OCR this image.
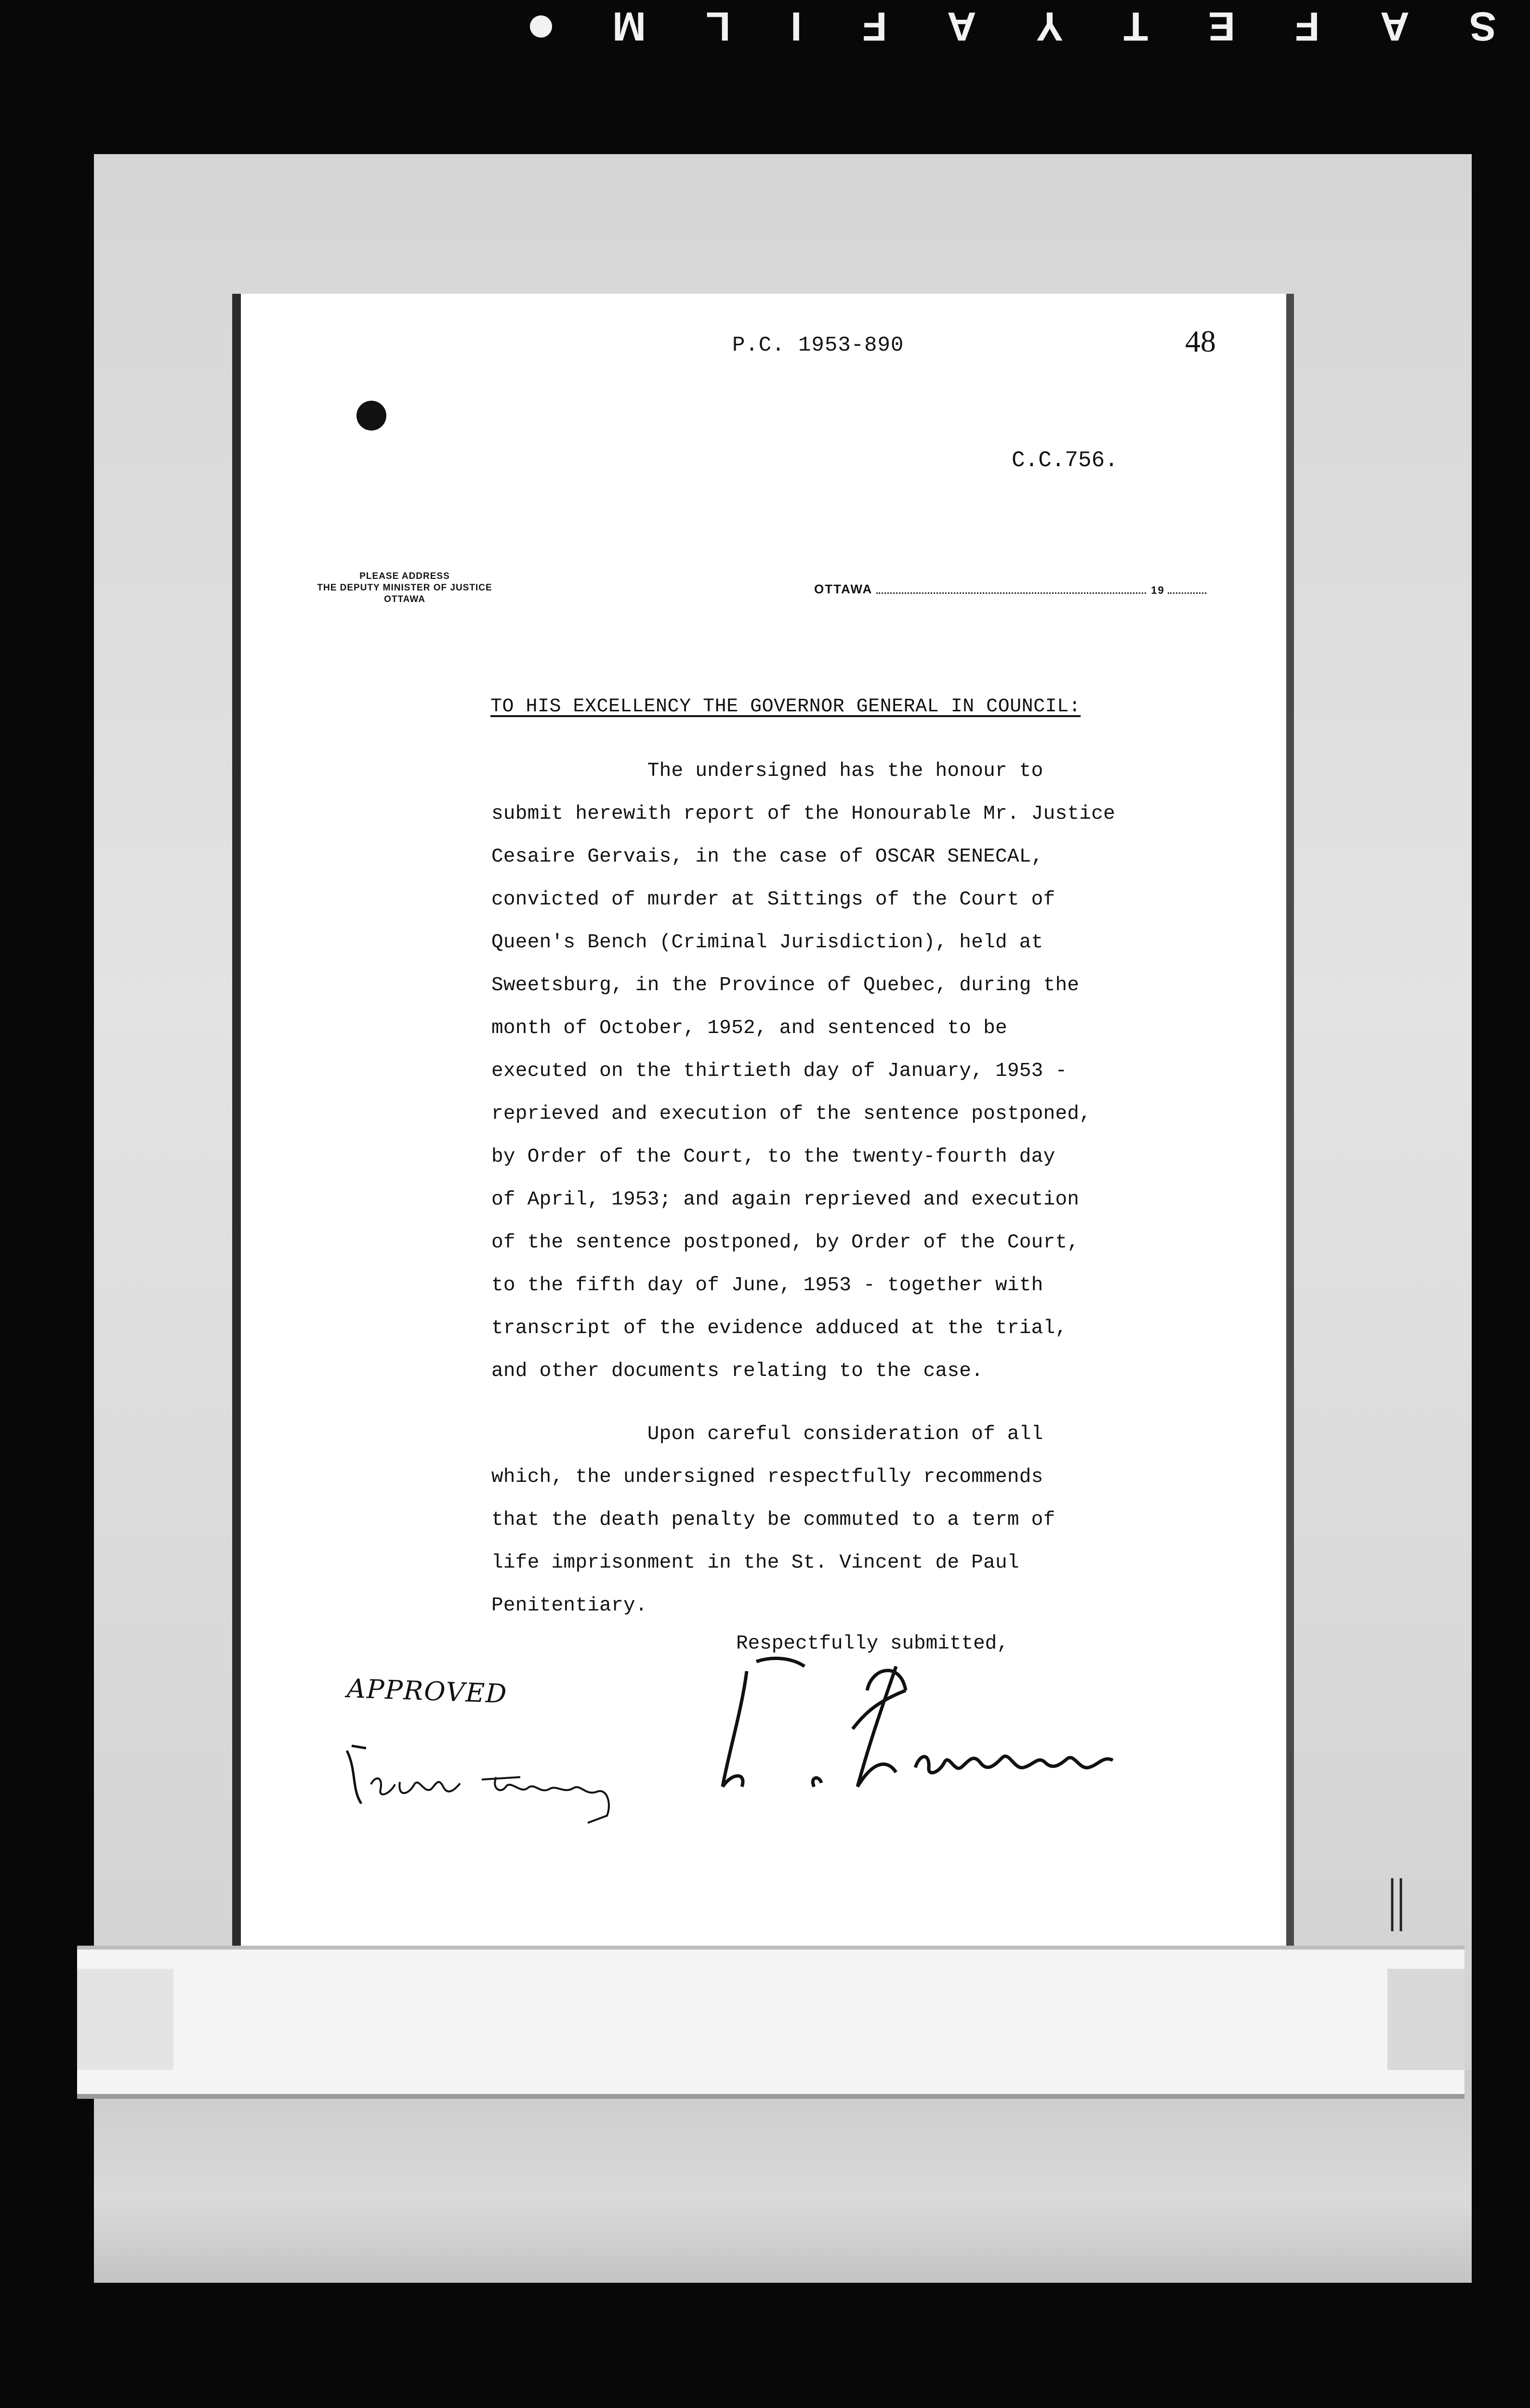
M L I F A Y T E F A S
P.C. 1953-890	48
C.C.756.
PLEASE ADDRESS
THE DEPUTY MINISTER OF JUSTICE
OTTAWA
OTTAWA	19
TO HIS EXCELLENCY THE GOVERNOR GENERAL IN COUNCIL:
The undersigned has the honour to
submit herewith report of the Honourable Mr. Justice
Cesaire Gervais, in the case of OSCAR SENECAL,
convicted of murder at Sittings of the Court of
Queen's Bench (Criminal Jurisdiction), held at
Sweetsburg, in the Province of Quebec, during the
month of October, 1952, and sentenced to be
executed on the thirtieth day of January, 1953 -
reprieved and execution of the sentence postponed,
by Order of the Court, to the twenty-fourth day
of April, 1953; and again reprieved and execution
of the sentence postponed, by Order of the Court,
to the fifth day of June, 1953 - together with
transcript of the evidence adduced at the trial,
and other documents relating to the case.
Upon careful consideration of all
which, the undersigned respectfully recommends
that the death penalty be commuted to a term of
life imprisonment in the St. Vincent de Paul
Penitentiary.
Respectfully submitted,
APPROVED
